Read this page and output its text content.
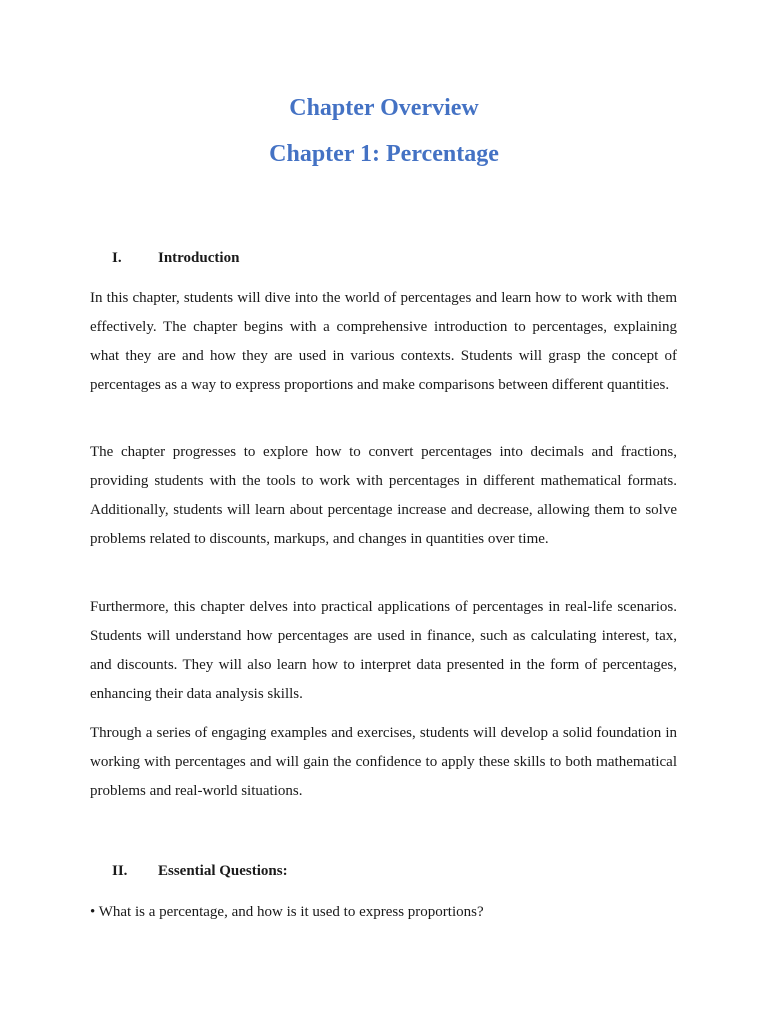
Chapter Overview
Chapter 1: Percentage
I. Introduction

In this chapter, students will dive into the world of percentages and learn how to work with them effectively. The chapter begins with a comprehensive introduction to percentages, explaining what they are and how they are used in various contexts. Students will grasp the concept of percentages as a way to express proportions and make comparisons between different quantities.

The chapter progresses to explore how to convert percentages into decimals and fractions, providing students with the tools to work with percentages in different mathematical formats. Additionally, students will learn about percentage increase and decrease, allowing them to solve problems related to discounts, markups, and changes in quantities over time.

Furthermore, this chapter delves into practical applications of percentages in real-life scenarios. Students will understand how percentages are used in finance, such as calculating interest, tax, and discounts. They will also learn how to interpret data presented in the form of percentages, enhancing their data analysis skills.

Through a series of engaging examples and exercises, students will develop a solid foundation in working with percentages and will gain the confidence to apply these skills to both mathematical problems and real-world situations.

II. Essential Questions:

• What is a percentage, and how is it used to express proportions?
